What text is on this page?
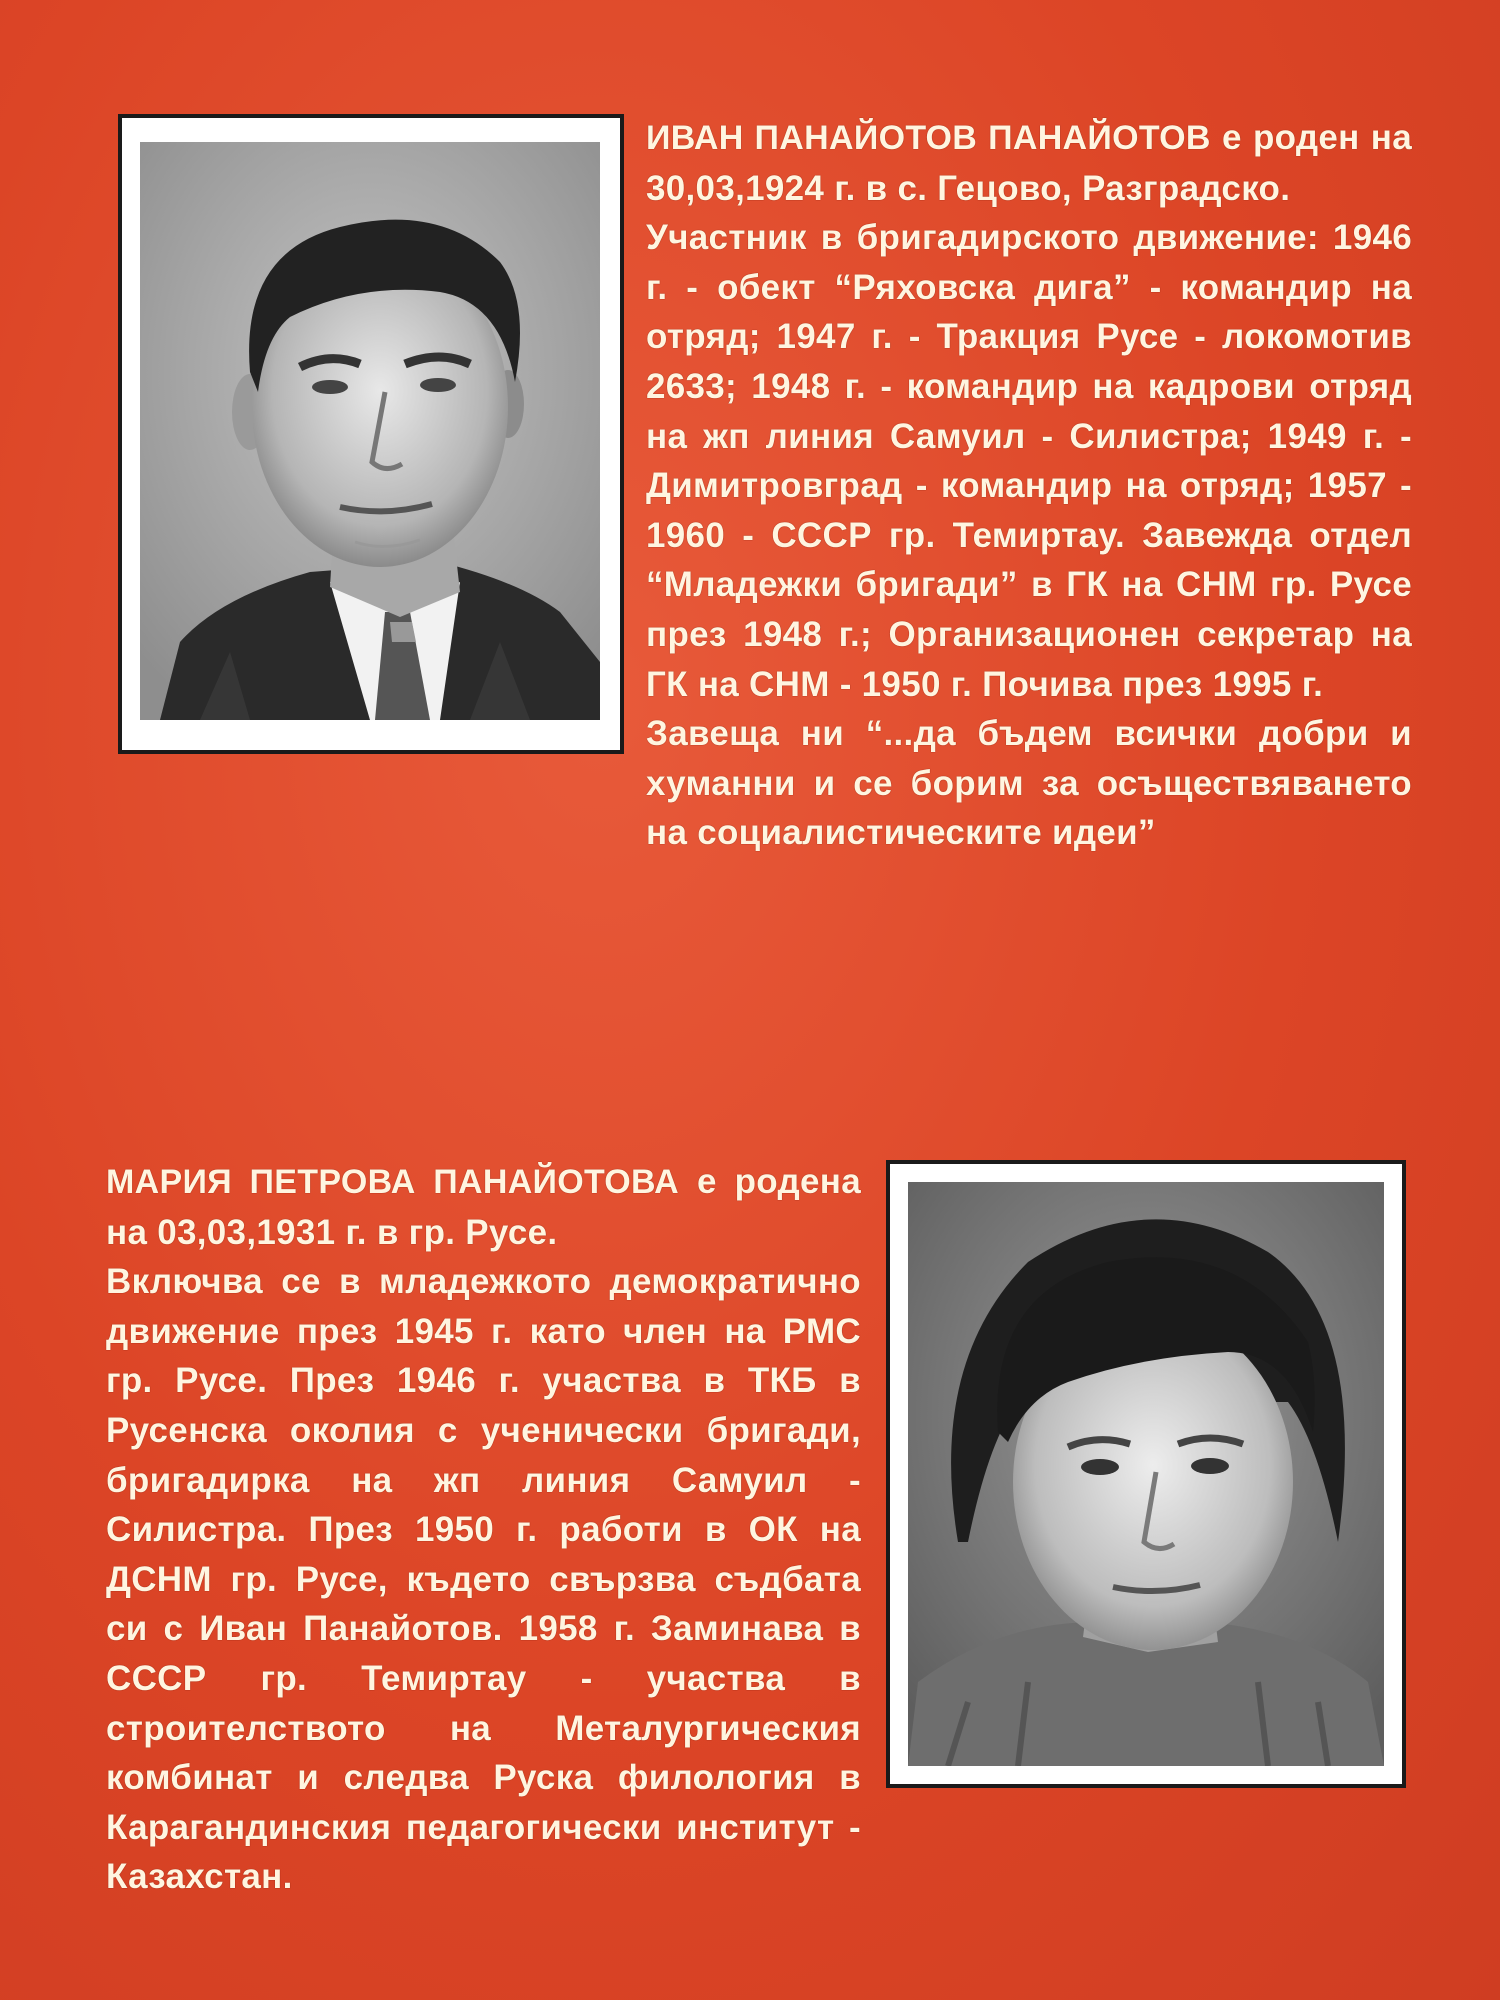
ИВАН ПАНАЙОТОВ ПАНАЙОТОВ е роден на 30,03,1924 г. в с. Гецово, Разградско.

Участник в бригадирското движение: 1946 г. - обект “Ряховска дига” - командир на отряд; 1947 г. - Тракция Русе - локомотив 2633; 1948 г. - командир на кадрови отряд на жп линия Самуил - Силистра; 1949 г. - Димитровград - командир на отряд; 1957 - 1960 - СССР гр. Темиртау. Завежда отдел “Младежки бригади” в ГК на СНМ гр. Русе през 1948 г.; Организационен секретар на ГК на СНМ - 1950 г. Почива през 1995 г.

Завеща ни “...да бъдем всички добри и хуманни и се борим за осъществяването на социалистическите идеи”

МАРИЯ ПЕТРОВА ПАНАЙОТОВА е родена на 03,03,1931 г. в гр. Русе.

Включва се в младежкото демократично движение през 1945 г. като член на РМС гр. Русе. През 1946 г. участва в ТКБ в Русенска околия с ученически бригади, бригадирка на жп линия Самуил - Силистра. През 1950 г. работи в ОК на ДСНМ гр. Русе, където свързва съдбата си с Иван Панайотов. 1958 г. Заминава в СССР гр. Темиртау - участва в строителството на Металургическия комбинат и следва Руска филология в Карагандинския педагогически институт - Казахстан.
